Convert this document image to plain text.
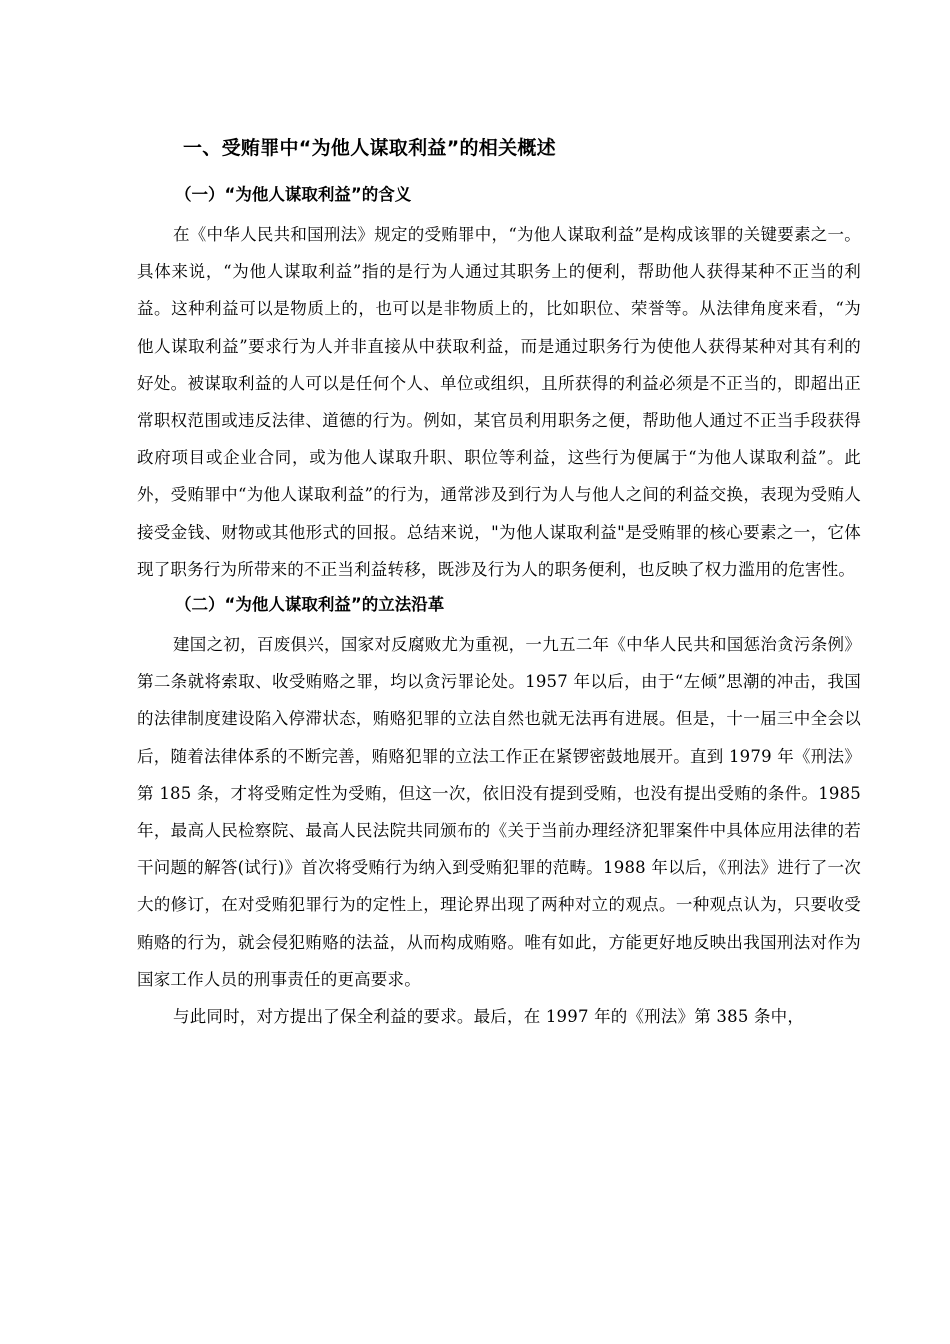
一、受贿罪中“为他人谋取利益”的相关概述
（一）“为他人谋取利益”的含义

在《中华人民共和国刑法》规定的受贿罪中，“为他人谋取利益”是构成该罪的关键要素之一。具体来说，“为他人谋取利益”指的是行为人通过其职务上的便利，帮助他人获得某种不正当的利益。这种利益可以是物质上的，也可以是非物质上的，比如职位、荣誉等。从法律角度来看，“为他人谋取利益”要求行为人并非直接从中获取利益，而是通过职务行为使他人获得某种对其有利的好处。被谋取利益的人可以是任何个人、单位或组织，且所获得的利益必须是不正当的，即超出正常职权范围或违反法律、道德的行为。例如，某官员利用职务之便，帮助他人通过不正当手段获得政府项目或企业合同，或为他人谋取升职、职位等利益，这些行为便属于“为他人谋取利益”。此外，受贿罪中“为他人谋取利益”的行为，通常涉及到行为人与他人之间的利益交换，表现为受贿人接受金钱、财物或其他形式的回报。总结来说，"为他人谋取利益"是受贿罪的核心要素之一，它体现了职务行为所带来的不正当利益转移，既涉及行为人的职务便利，也反映了权力滥用的危害性。

（二）“为他人谋取利益”的立法沿革

建国之初，百废俱兴，国家对反腐败尤为重视，一九五二年《中华人民共和国惩治贪污条例》第二条就将索取、收受贿赂之罪，均以贪污罪论处。1957 年以后，由于“左倾”思潮的冲击，我国的法律制度建设陷入停滞状态，贿赂犯罪的立法自然也就无法再有进展。但是，十一届三中全会以后，随着法律体系的不断完善，贿赂犯罪的立法工作正在紧锣密鼓地展开。直到 1979 年《刑法》第 185 条，才将受贿定性为受贿，但这一次，依旧没有提到受贿，也没有提出受贿的条件。1985 年，最高人民检察院、最高人民法院共同颁布的《关于当前办理经济犯罪案件中具体应用法律的若干问题的解答(试行)》首次将受贿行为纳入到受贿犯罪的范畴。1988 年以后，《刑法》进行了一次大的修订，在对受贿犯罪行为的定性上，理论界出现了两种对立的观点。一种观点认为，只要收受贿赂的行为，就会侵犯贿赂的法益，从而构成贿赂。唯有如此，方能更好地反映出我国刑法对作为国家工作人员的刑事责任的更高要求。

与此同时，对方提出了保全利益的要求。最后，在 1997 年的《刑法》第 385 条中，
